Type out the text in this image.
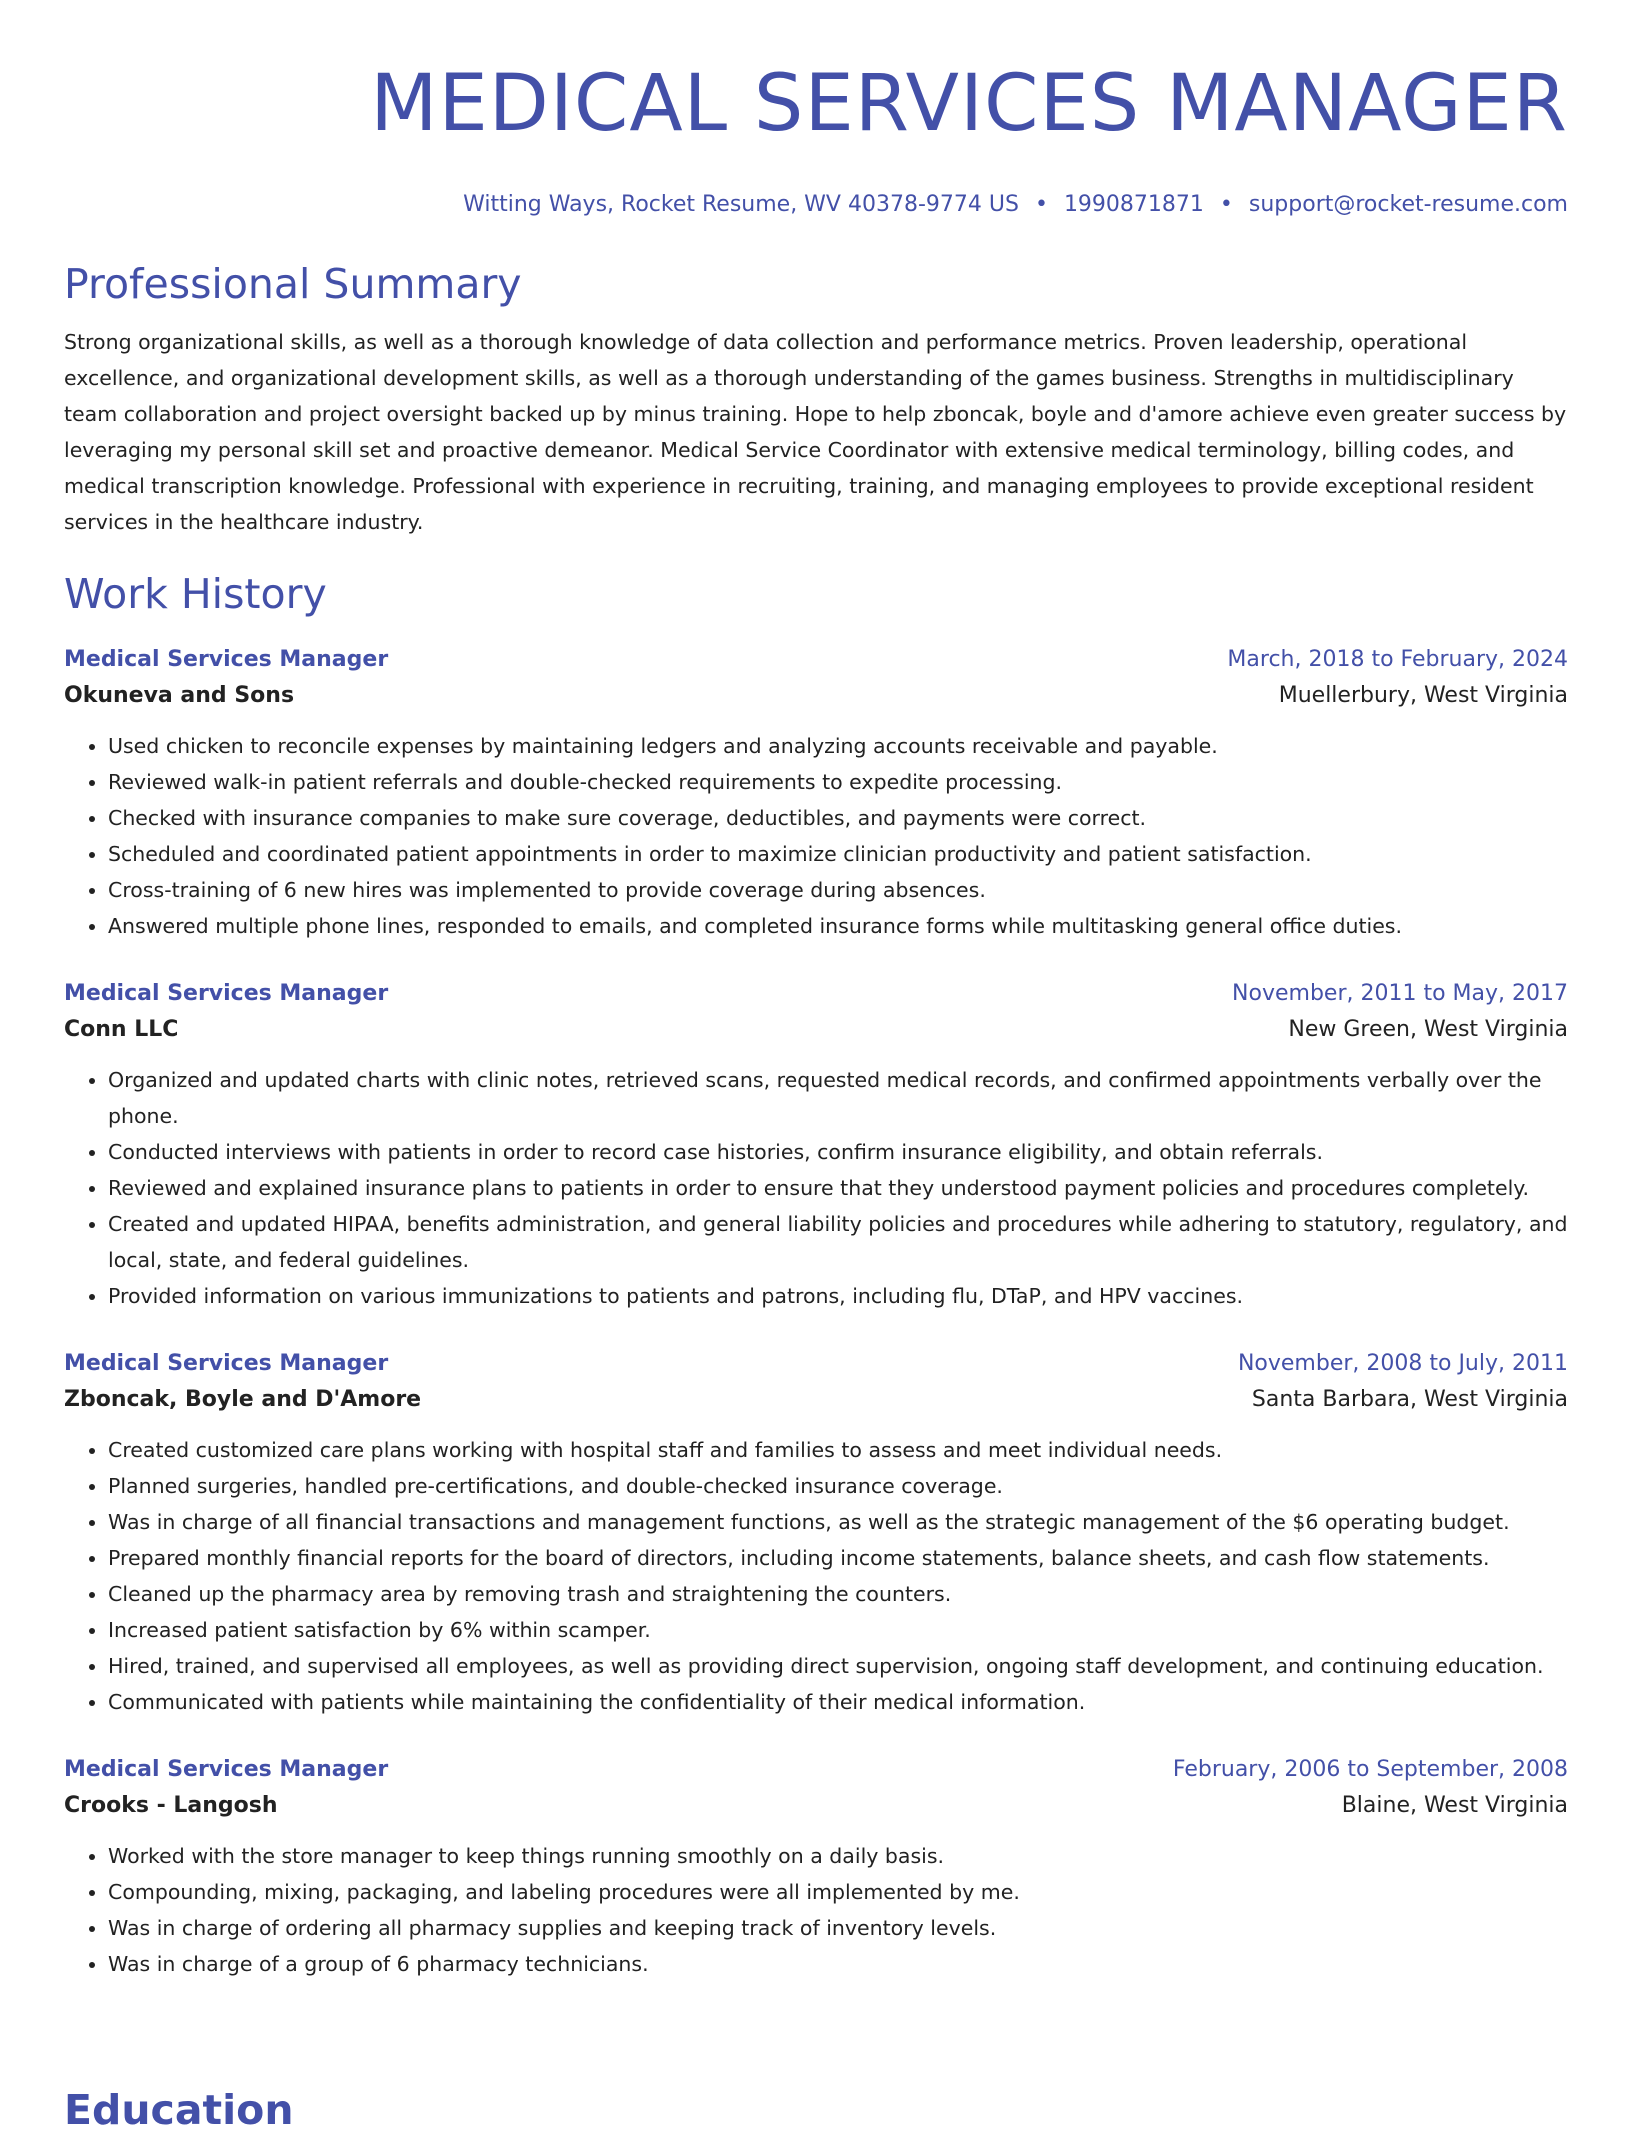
MEDICAL SERVICES MANAGER
Witting Ways, Rocket Resume, WV 40378-9774 US • 1990871871 • support@rocket-resume.com
Professional Summary
Strong organizational skills, as well as a thorough knowledge of data collection and performance metrics. Proven leadership, operational excellence, and organizational development skills, as well as a thorough understanding of the games business. Strengths in multidisciplinary team collaboration and project oversight backed up by minus training. Hope to help zboncak, boyle and d'amore achieve even greater success by leveraging my personal skill set and proactive demeanor. Medical Service Coordinator with extensive medical terminology, billing codes, and medical transcription knowledge. Professional with experience in recruiting, training, and managing employees to provide exceptional resident services in the healthcare industry.
Work History
Medical Services Manager	March, 2018 to February, 2024
Okuneva and Sons	Muellerbury, West Virginia
• Used chicken to reconcile expenses by maintaining ledgers and analyzing accounts receivable and payable.
• Reviewed walk-in patient referrals and double-checked requirements to expedite processing.
• Checked with insurance companies to make sure coverage, deductibles, and payments were correct.
• Scheduled and coordinated patient appointments in order to maximize clinician productivity and patient satisfaction.
• Cross-training of 6 new hires was implemented to provide coverage during absences.
• Answered multiple phone lines, responded to emails, and completed insurance forms while multitasking general office duties.
Medical Services Manager	November, 2011 to May, 2017
Conn LLC	New Green, West Virginia
• Organized and updated charts with clinic notes, retrieved scans, requested medical records, and confirmed appointments verbally over the phone.
• Conducted interviews with patients in order to record case histories, confirm insurance eligibility, and obtain referrals.
• Reviewed and explained insurance plans to patients in order to ensure that they understood payment policies and procedures completely.
• Created and updated HIPAA, benefits administration, and general liability policies and procedures while adhering to statutory, regulatory, and local, state, and federal guidelines.
• Provided information on various immunizations to patients and patrons, including flu, DTaP, and HPV vaccines.
Medical Services Manager	November, 2008 to July, 2011
Zboncak, Boyle and D'Amore	Santa Barbara, West Virginia
• Created customized care plans working with hospital staff and families to assess and meet individual needs.
• Planned surgeries, handled pre-certifications, and double-checked insurance coverage.
• Was in charge of all financial transactions and management functions, as well as the strategic management of the $6 operating budget.
• Prepared monthly financial reports for the board of directors, including income statements, balance sheets, and cash flow statements.
• Cleaned up the pharmacy area by removing trash and straightening the counters.
• Increased patient satisfaction by 6% within scamper.
• Hired, trained, and supervised all employees, as well as providing direct supervision, ongoing staff development, and continuing education.
• Communicated with patients while maintaining the confidentiality of their medical information.
Medical Services Manager	February, 2006 to September, 2008
Crooks - Langosh	Blaine, West Virginia
• Worked with the store manager to keep things running smoothly on a daily basis.
• Compounding, mixing, packaging, and labeling procedures were all implemented by me.
• Was in charge of ordering all pharmacy supplies and keeping track of inventory levels.
• Was in charge of a group of 6 pharmacy technicians.
Education
